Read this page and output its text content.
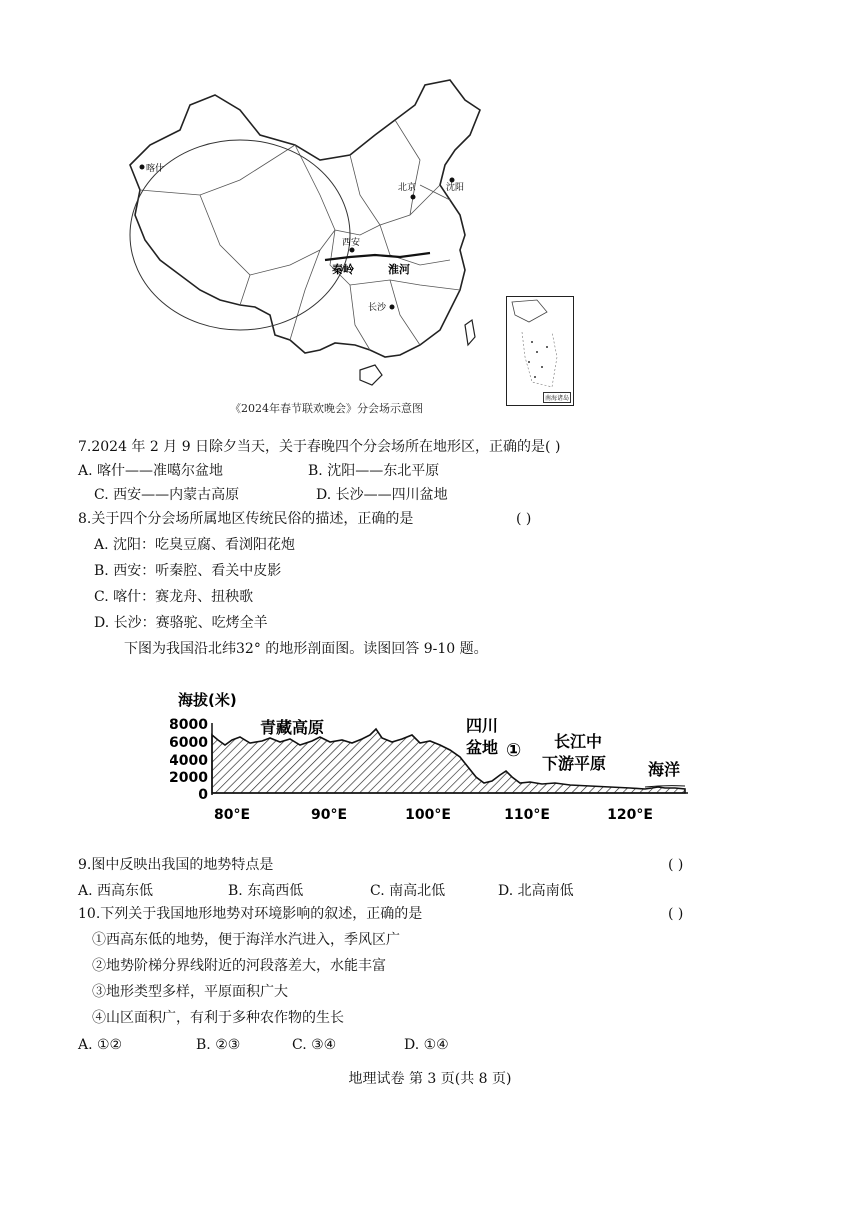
喀什
北京	沈阳
西安
长沙
秦岭	淮河
南海诸岛
《2024年春节联欢晚会》分会场示意图
7.2024 年 2 月 9 日除夕当天，关于春晚四个分会场所在地形区，正确的是( )
A. 喀什——准噶尔盆地	B. 沈阳——东北平原
C. 西安——内蒙古高原	D. 长沙——四川盆地
8.关于四个分会场所属地区传统民俗的描述，正确的是	( )
A. 沈阳：吃臭豆腐、看浏阳花炮
B. 西安：听秦腔、看关中皮影
C. 喀什：赛龙舟、扭秧歌
D. 长沙：赛骆驼、吃烤全羊
下图为我国沿北纬32° 的地形剖面图。读图回答 9-10 题。
海拔(米)
8000
6000
4000
2000
0
80°E	90°E	100°E	110°E	120°E
青藏高原	四川
盆地 ① 长江中
下游平原	海洋
9.图中反映出我国的地势特点是	( )
A. 西高东低	B. 东高西低	C. 南高北低	D. 北高南低
10.下列关于我国地形地势对环境影响的叙述，正确的是	( )
①西高东低的地势，便于海洋水汽进入，季风区广
②地势阶梯分界线附近的河段落差大，水能丰富
③地形类型多样，平原面积广大
④山区面积广，有利于多种农作物的生长
A. ①②	B. ②③	C. ③④	D. ①④
地理试卷 第 3 页(共 8 页)
